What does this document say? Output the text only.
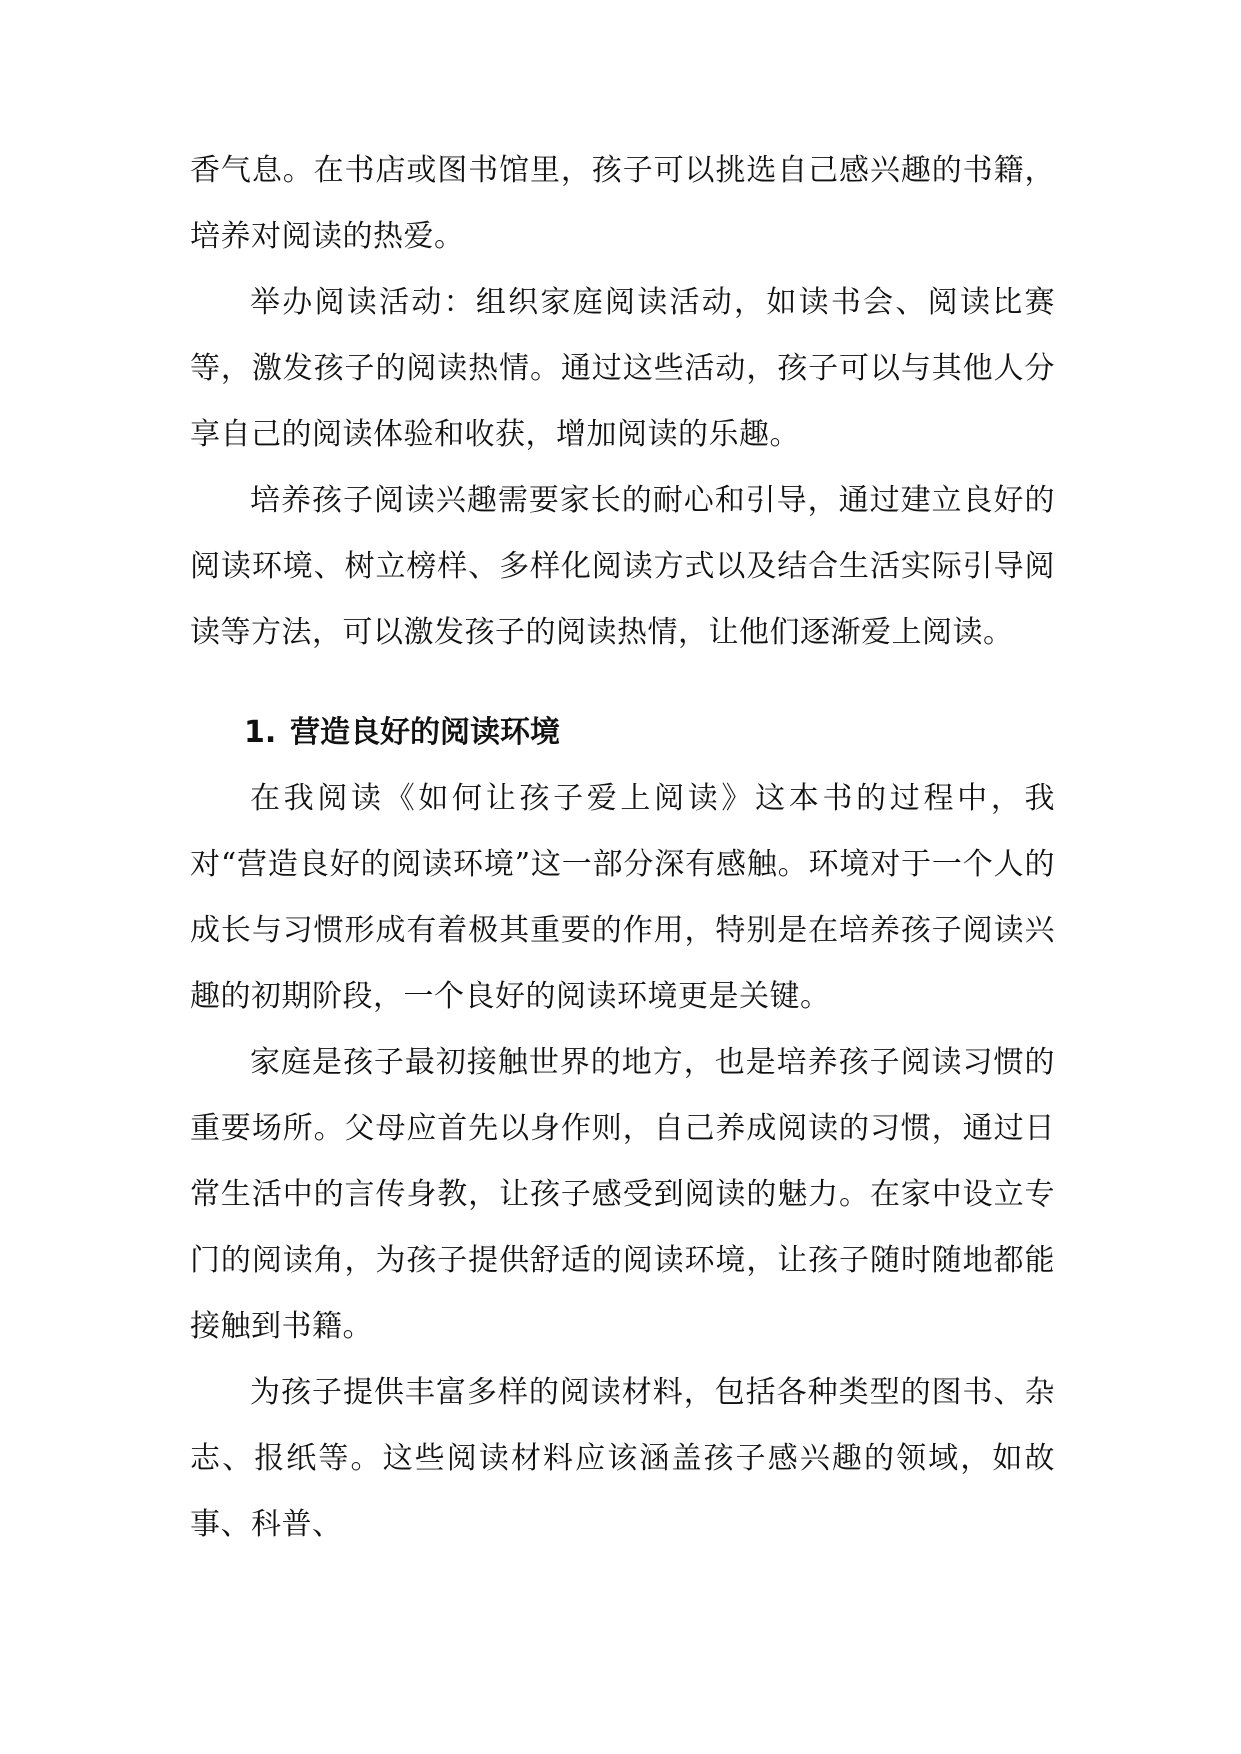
香气息。在书店或图书馆里，孩子可以挑选自己感兴趣的书籍，培养对阅读的热爱。

举办阅读活动：组织家庭阅读活动，如读书会、阅读比赛等，激发孩子的阅读热情。通过这些活动，孩子可以与其他人分享自己的阅读体验和收获，增加阅读的乐趣。

培养孩子阅读兴趣需要家长的耐心和引导，通过建立良好的阅读环境、树立榜样、多样化阅读方式以及结合生活实际引导阅读等方法，可以激发孩子的阅读热情，让他们逐渐爱上阅读。

1. 营造良好的阅读环境

在我阅读《如何让孩子爱上阅读》这本书的过程中，我对“营造良好的阅读环境”这一部分深有感触。环境对于一个人的成长与习惯形成有着极其重要的作用，特别是在培养孩子阅读兴趣的初期阶段，一个良好的阅读环境更是关键。

家庭是孩子最初接触世界的地方，也是培养孩子阅读习惯的重要场所。父母应首先以身作则，自己养成阅读的习惯，通过日常生活中的言传身教，让孩子感受到阅读的魅力。在家中设立专门的阅读角，为孩子提供舒适的阅读环境，让孩子随时随地都能接触到书籍。

为孩子提供丰富多样的阅读材料，包括各种类型的图书、杂志、报纸等。这些阅读材料应该涵盖孩子感兴趣的领域，如故事、科普、
